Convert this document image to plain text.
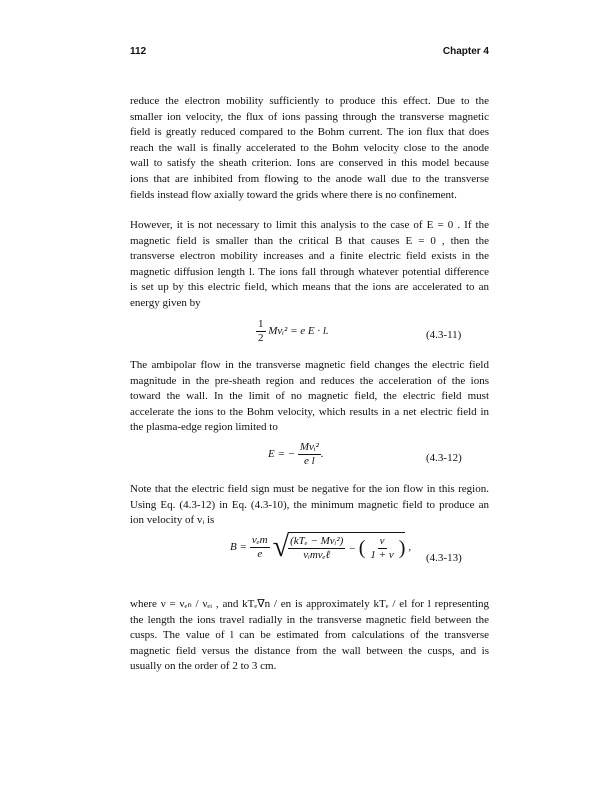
112	Chapter 4
reduce the electron mobility sufficiently to produce this effect. Due to the
smaller ion velocity, the flux of ions passing through the transverse magnetic
field is greatly reduced compared to the Bohm current. The ion flux that does
reach the wall is finally accelerated to the Bohm velocity close to the anode
wall to satisfy the sheath criterion. Ions are conserved in this model because
ions that are inhibited from flowing to the anode wall due to the transverse
fields instead flow axially toward the grids where there is no confinement.
However, it is not necessary to limit this analysis to the case of E = 0 . If the
magnetic field is smaller than the critical B that causes E = 0 , then the
transverse electron mobility increases and a finite electric field exists in the
magnetic diffusion length l. The ions fall through whatever potential difference
is set up by this electric field, which means that the ions are accelerated to an
energy given by
$\frac{1}{2}$ Mvᵢ² = e E · l.	(4.3-11)
The ambipolar flow in the transverse magnetic field changes the electric field
magnitude in the pre-sheath region and reduces the acceleration of the ions
toward the wall. In the limit of no magnetic field, the electric field must
accelerate the ions to the Bohm velocity, which results in a net electric field in
the plasma-edge region limited to
E = − $\frac{\text{Mvᵢ²}}{\text{e l}}$ .	(4.3-12)
Note that the electric field sign must be negative for the ion flow in this region.
Using Eq. (4.3-12) in Eq. (4.3-10), the minimum magnetic field to produce an
ion velocity of vᵢ is
$B = \frac{\text{νₑm}}{e}$ √ $\frac{\text{(kTₑ − Mvᵢ²)}}{\text{vᵢmνₑℓ}}$ − ( $\frac{\nu}{1 + \nu}$ ) ,
(4.3-13)
where ν = νₑₙ / νₑᵢ , and kTₑ∇n / en is approximately kTₑ / el for l representing
the length the ions travel radially in the transverse magnetic field between the
cusps. The value of l can be estimated from calculations of the transverse
magnetic field versus the distance from the wall between the cusps, and is
usually on the order of 2 to 3 cm.
